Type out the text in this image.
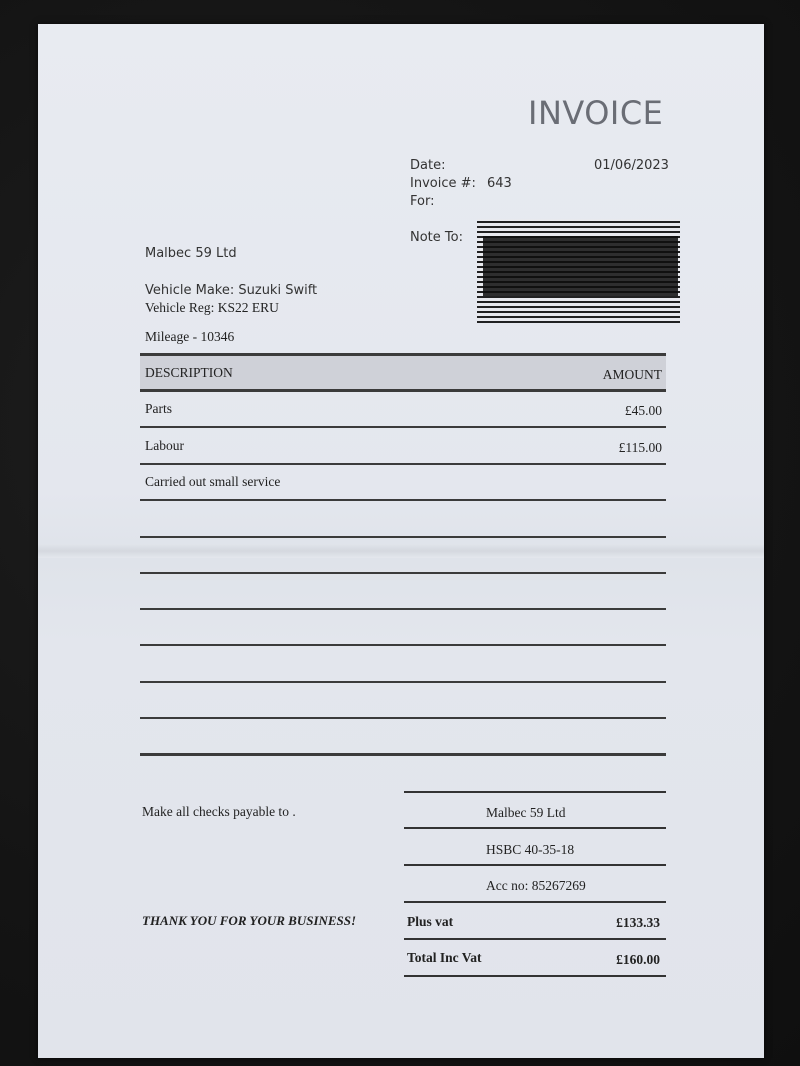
INVOICE
Date:	01/06/2023
Invoice #: 643
For:
Note To:
Malbec 59 Ltd
Vehicle Make: Suzuki Swift
Vehicle Reg: KS22 ERU
Mileage - 10346
DESCRIPTION	AMOUNT
Parts	£45.00
Labour	£115.00
Carried out small service
Make all checks payable to .	Malbec 59 Ltd
HSBC 40-35-18
Acc no: 85267269
THANK YOU FOR YOUR BUSINESS!	Plus vat	£133.33
Total Inc Vat	£160.00
